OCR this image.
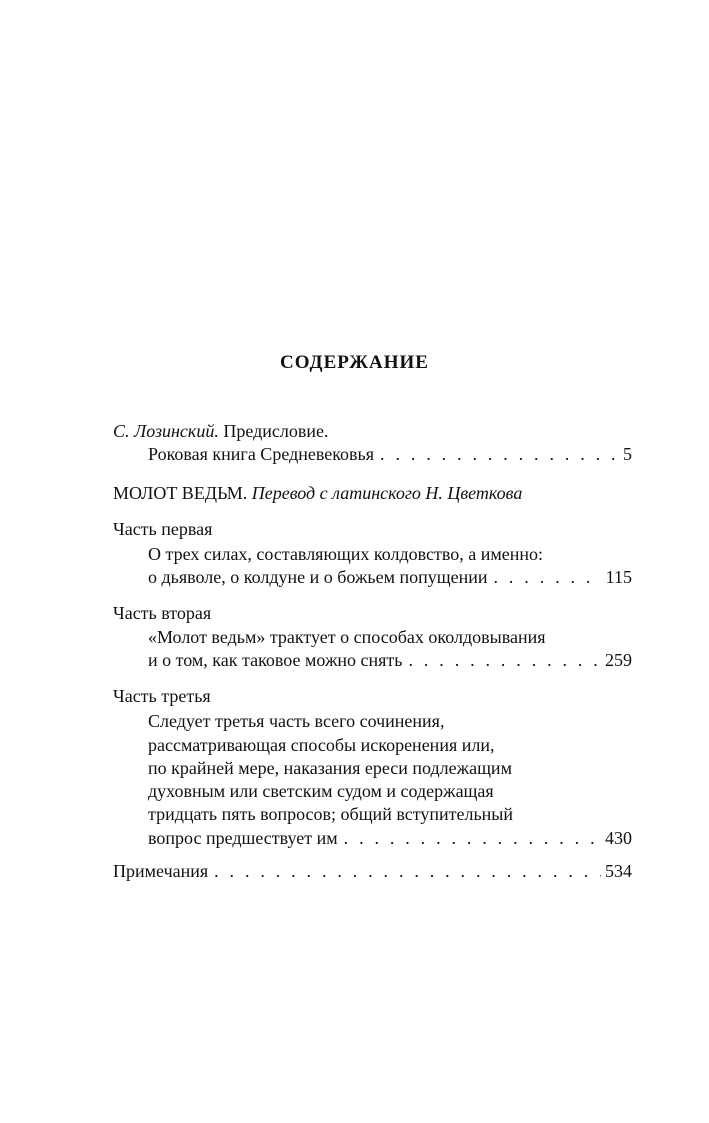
СОДЕРЖАНИЕ
С. Лозинский. Предисловие.
Роковая книга Средневековья . . .	5
МОЛОТ ВЕДЬМ. Перевод с латинского Н. Цветкова
Часть первая
О трех силах, составляющих колдовство, а именно:
о дьяволе, о колдуне и о божьем попущении . . .	115
Часть вторая
«Молот ведьм» трактует о способах околдовывания
и о том, как таковое можно снять . . .	259
Часть третья
Следует третья часть всего сочинения,
рассматривающая способы искоренения или,
по крайней мере, наказания ереси подлежащим
духовным или светским судом и содержащая
тридцать пять вопросов; общий вступительный
вопрос предшествует им . . .	430
Примечания . . .	534
